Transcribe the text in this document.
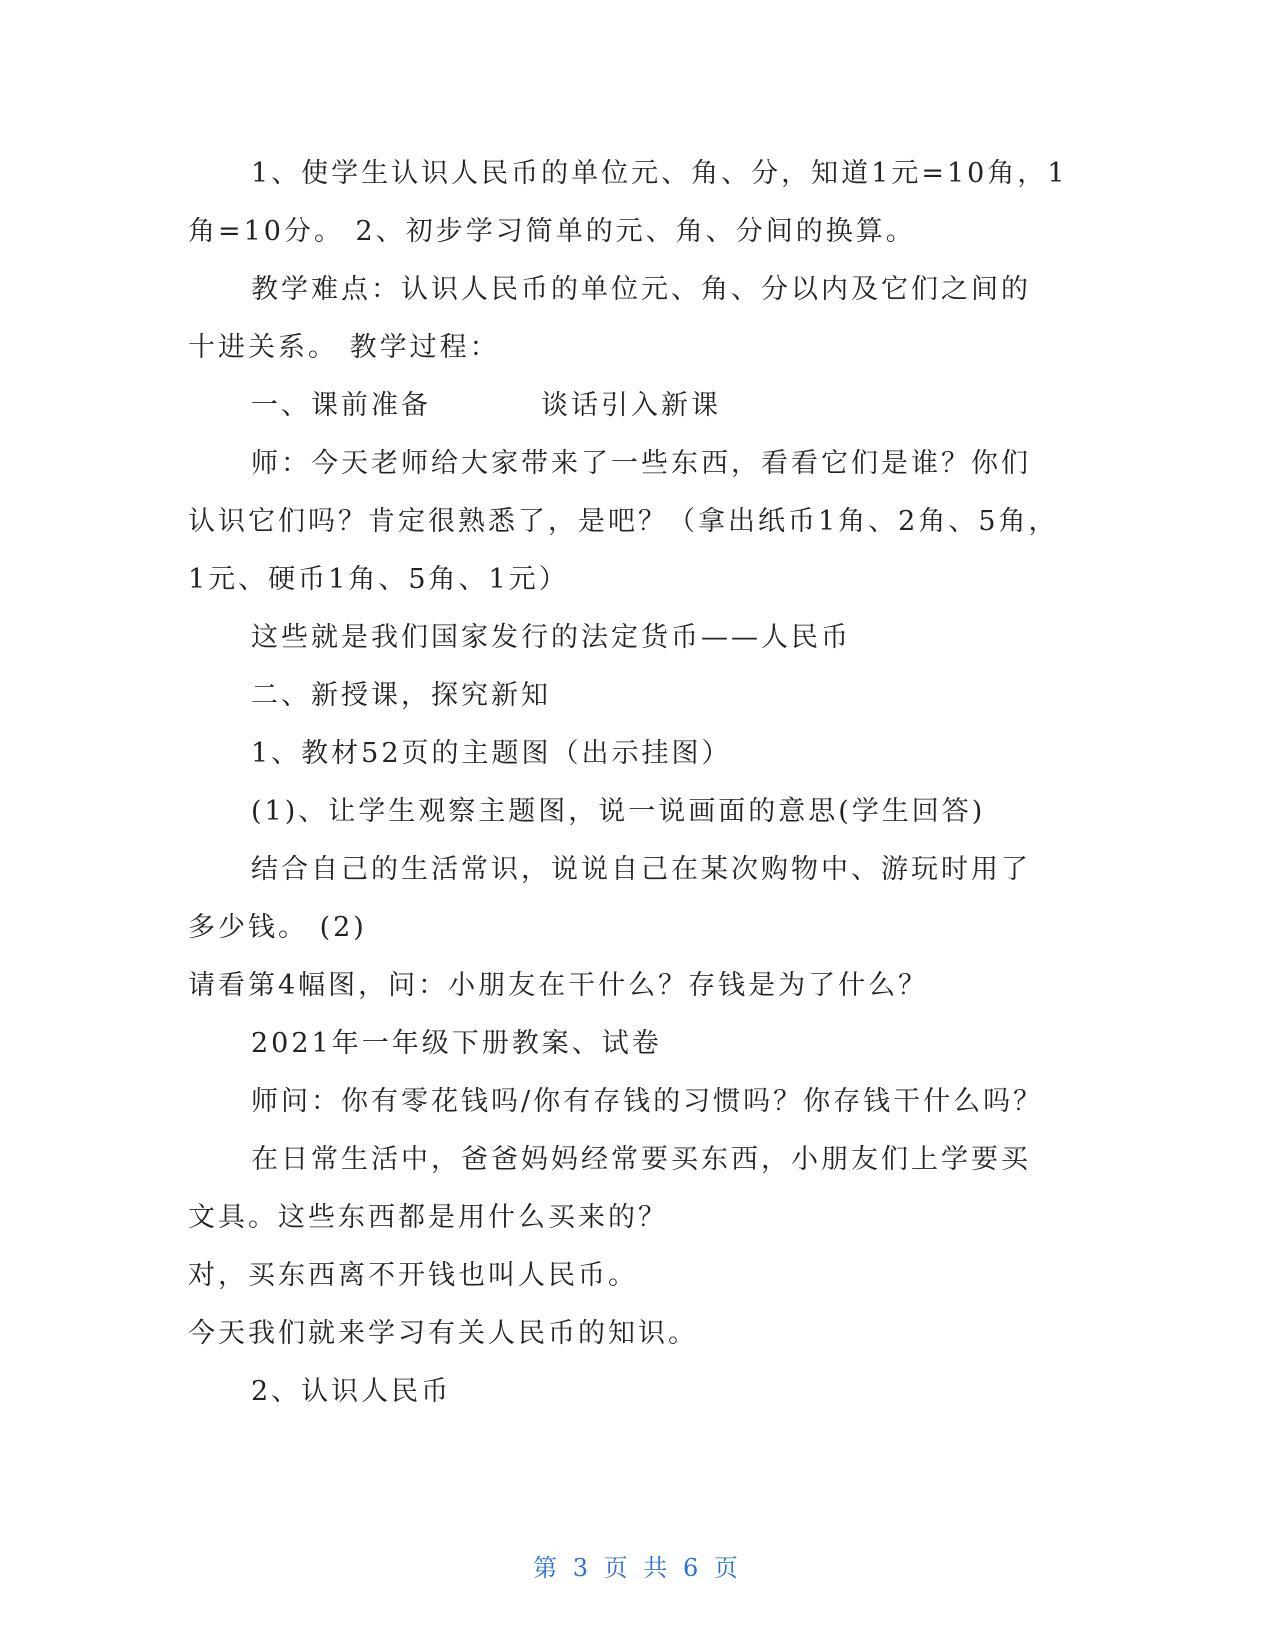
1、使学生认识人民币的单位元、角、分，知道1元=10角，1
角=10分。 2、初步学习简单的元、角、分间的换算。
教学难点：认识人民币的单位元、角、分以内及它们之间的
十进关系。 教学过程：
一、课前准备	谈话引入新课
师：今天老师给大家带来了一些东西，看看它们是谁？你们
认识它们吗？肯定很熟悉了，是吧？（拿出纸币1角、2角、5角，
1元、硬币1角、5角、1元）
这些就是我们国家发行的法定货币——人民币
二、新授课，探究新知
1、教材52页的主题图（出示挂图）
(1)、让学生观察主题图，说一说画面的意思(学生回答)
结合自己的生活常识，说说自己在某次购物中、游玩时用了
多少钱。 (2)
请看第4幅图，问：小朋友在干什么？存钱是为了什么？
2021年一年级下册教案、试卷
师问：你有零花钱吗/你有存钱的习惯吗？你存钱干什么吗？
在日常生活中，爸爸妈妈经常要买东西，小朋友们上学要买
文具。这些东西都是用什么买来的？
对，买东西离不开钱也叫人民币。
今天我们就来学习有关人民币的知识。
2、认识人民币
第 3 页 共 6 页
